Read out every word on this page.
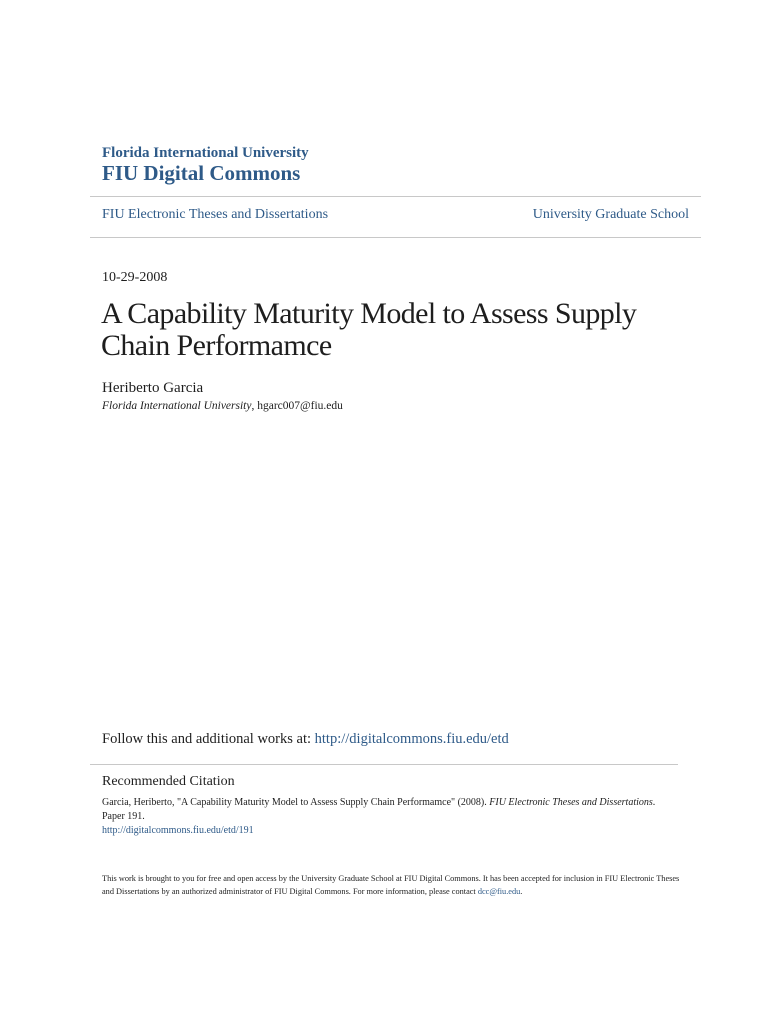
Florida International University
FIU Digital Commons
FIU Electronic Theses and Dissertations	University Graduate School
10-29-2008
A Capability Maturity Model to Assess Supply Chain Performamce
Heriberto Garcia
Florida International University, hgarc007@fiu.edu
Follow this and additional works at: http://digitalcommons.fiu.edu/etd
Recommended Citation
Garcia, Heriberto, "A Capability Maturity Model to Assess Supply Chain Performamce" (2008). FIU Electronic Theses and Dissertations. Paper 191.
http://digitalcommons.fiu.edu/etd/191
This work is brought to you for free and open access by the University Graduate School at FIU Digital Commons. It has been accepted for inclusion in FIU Electronic Theses and Dissertations by an authorized administrator of FIU Digital Commons. For more information, please contact dcc@fiu.edu.
